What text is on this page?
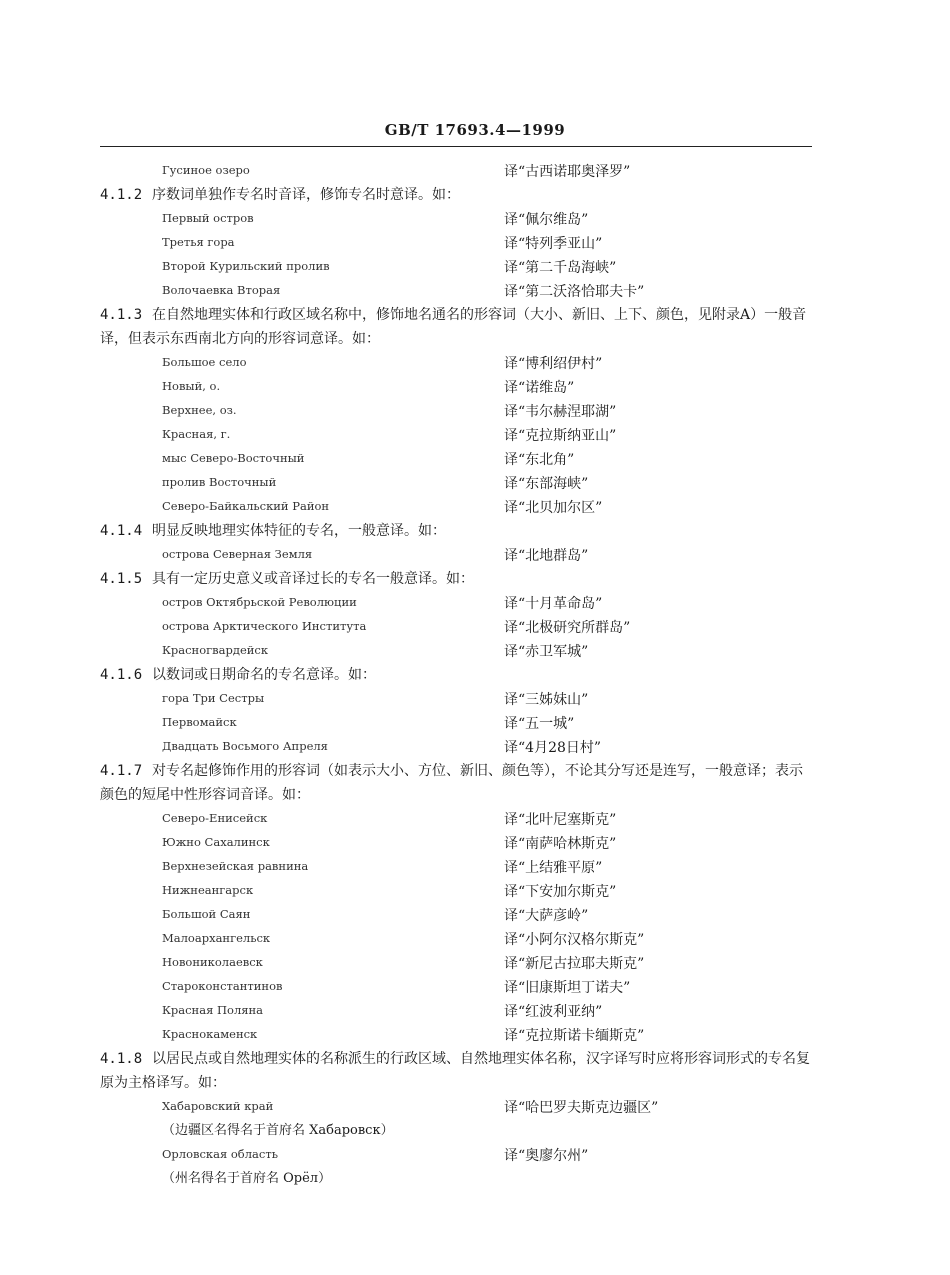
GB/T 17693.4—1999
Гусиное озеро	译“古西诺耶奥泽罗”
4.1.2 序数词单独作专名时音译，修饰专名时意译。如：
Первый остров	译“佩尔维岛”
Третья гора	译“特列季亚山”
Второй Курильский пролив	译“第二千岛海峡”
Волочаевка Вторая	译“第二沃洛恰耶夫卡”
4.1.3 在自然地理实体和行政区域名称中，修饰地名通名的形容词（大小、新旧、上下、颜色，见附录A）一般音译，但表示东西南北方向的形容词意译。如：
Большое село	译“博利绍伊村”
Новый, о.	译“诺维岛”
Верхнее, оз.	译“韦尔赫涅耶湖”
Красная, г.	译“克拉斯纳亚山”
мыс Северо-Восточный	译“东北角”
пролив Восточный	译“东部海峡”
Северо-Байкальский Район	译“北贝加尔区”
4.1.4 明显反映地理实体特征的专名，一般意译。如：
острова Северная Земля	译“北地群岛”
4.1.5 具有一定历史意义或音译过长的专名一般意译。如：
остров Октябрьской Революции	译“十月革命岛”
острова Арктического Института	译“北极研究所群岛”
Красногвардейск	译“赤卫军城”
4.1.6 以数词或日期命名的专名意译。如：
гора Три Сестры	译“三姊妹山”
Первомайск	译“五一城”
Двадцать Восьмого Апреля	译“4月28日村”
4.1.7 对专名起修饰作用的形容词（如表示大小、方位、新旧、颜色等），不论其分写还是连写，一般意译；表示颜色的短尾中性形容词音译。如：
Северо-Енисейск	译“北叶尼塞斯克”
Южно Сахалинск	译“南萨哈林斯克”
Верхнезейская равнина	译“上结雅平原”
Нижнеангарск	译“下安加尔斯克”
Большой Саян	译“大萨彦岭”
Малоархангельск	译“小阿尔汉格尔斯克”
Новониколаевск	译“新尼古拉耶夫斯克”
Староконстантинов	译“旧康斯坦丁诺夫”
Красная Поляна	译“红波利亚纳”
Краснокаменск	译“克拉斯诺卡缅斯克”
4.1.8 以居民点或自然地理实体的名称派生的行政区域、自然地理实体名称，汉字译写时应将形容词形式的专名复原为主格译写。如：
Хабаровский край	译“哈巴罗夫斯克边疆区”
（边疆区名得名于首府名 Хабаровск）
Орловская область	译“奥廖尔州”
（州名得名于首府名 Орёл）
